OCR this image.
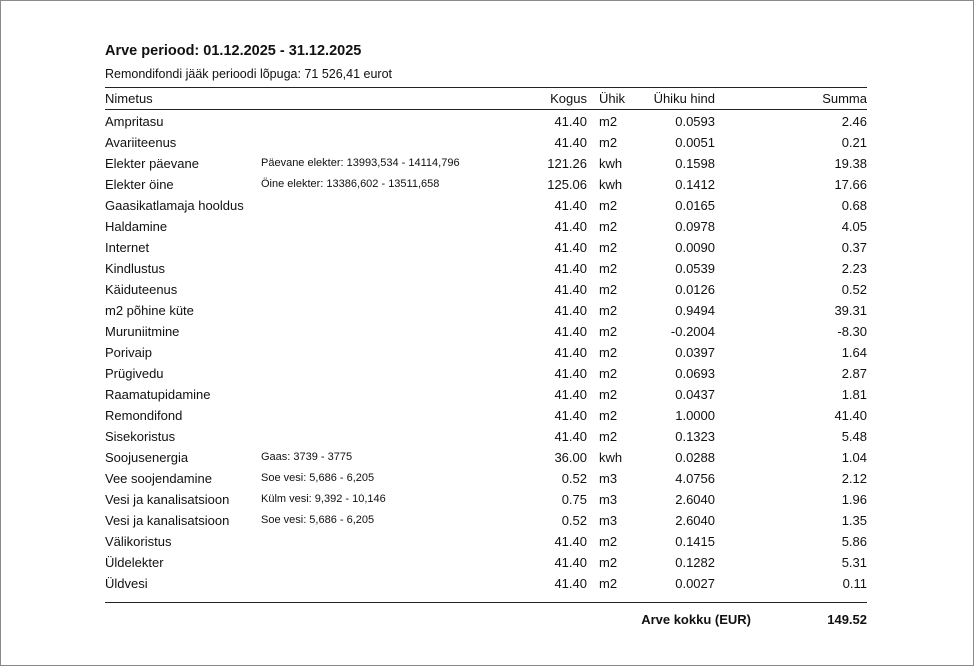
Arve periood: 01.12.2025 - 31.12.2025
Remondifondi jääk perioodi lõpuga: 71 526,41 eurot
Nimetus	Kogus Ühik Ühiku hind	Summa
Ampritasu	41.40 m2	0.0593	2.46
Avariiteenus	41.40 m2	0.0051	0.21
Elekter päevane	Päevane elekter: 13993,534 - 14114,796	121.26 kwh	0.1598	19.38
Elekter öine	Öine elekter: 13386,602 - 13511,658	125.06 kwh	0.1412	17.66
Gaasikatlamaja hooldus	41.40 m2	0.0165	0.68
Haldamine	41.40 m2	0.0978	4.05
Internet	41.40 m2	0.0090	0.37
Kindlustus	41.40 m2	0.0539	2.23
Käiduteenus	41.40 m2	0.0126	0.52
m2 põhine küte	41.40 m2	0.9494	39.31
Muruniitmine	41.40 m2	-0.2004	-8.30
Porivaip	41.40 m2	0.0397	1.64
Prügivedu	41.40 m2	0.0693	2.87
Raamatupidamine	41.40 m2	0.0437	1.81
Remondifond	41.40 m2	1.0000	41.40
Sisekoristus	41.40 m2	0.1323	5.48
Soojusenergia	Gaas: 3739 - 3775	36.00 kwh	0.0288	1.04
Vee soojendamine	Soe vesi: 5,686 - 6,205	0.52 m3	4.0756	2.12
Vesi ja kanalisatsioon	Külm vesi: 9,392 - 10,146	0.75 m3	2.6040	1.96
Vesi ja kanalisatsioon	Soe vesi: 5,686 - 6,205	0.52 m3	2.6040	1.35
Välikoristus	41.40 m2	0.1415	5.86
Üldelekter	41.40 m2	0.1282	5.31
Üldvesi	41.40 m2	0.0027	0.11
Arve kokku (EUR)	149.52
